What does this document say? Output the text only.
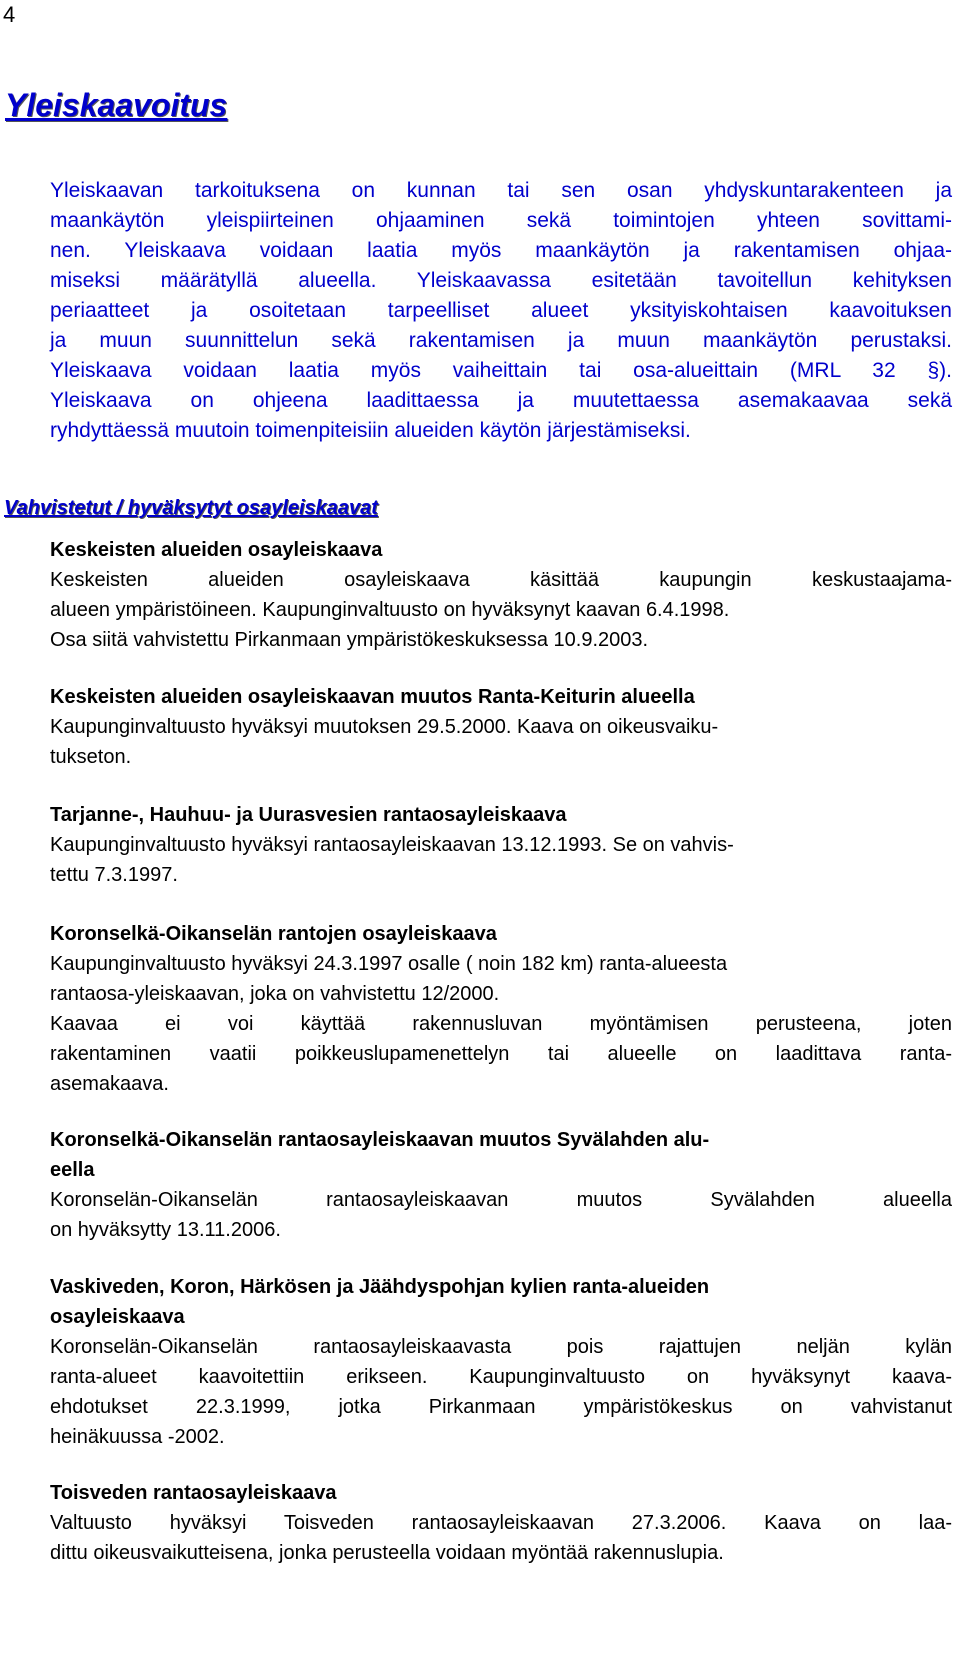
4
Yleiskaavoitus
Yleiskaavan tarkoituksena on kunnan tai sen osan yhdyskuntarakenteen ja
maankäytön yleispiirteinen ohjaaminen sekä toimintojen yhteen sovittami-
nen. Yleiskaava voidaan laatia myös maankäytön ja rakentamisen ohjaa-
miseksi määrätyllä alueella. Yleiskaavassa esitetään tavoitellun kehityksen
periaatteet ja osoitetaan tarpeelliset alueet yksityiskohtaisen kaavoituksen
ja muun suunnittelun sekä rakentamisen ja muun maankäytön perustaksi.
Yleiskaava voidaan laatia myös vaiheittain tai osa-alueittain (MRL 32 §).
Yleiskaava on ohjeena laadittaessa ja muutettaessa asemakaavaa sekä
ryhdyttäessä muutoin toimenpiteisiin alueiden käytön järjestämiseksi.
Vahvistetut / hyväksytyt osayleiskaavat
Keskeisten alueiden osayleiskaava
Keskeisten alueiden osayleiskaava käsittää kaupungin keskustaajama-
alueen ympäristöineen. Kaupunginvaltuusto on hyväksynyt kaavan 6.4.1998.
Osa siitä vahvistettu Pirkanmaan ympäristökeskuksessa 10.9.2003.
Keskeisten alueiden osayleiskaavan muutos Ranta-Keiturin alueella
Kaupunginvaltuusto hyväksyi muutoksen 29.5.2000. Kaava on oikeusvaiku-
tukseton.
Tarjanne-, Hauhuu- ja Uurasvesien rantaosayleiskaava
Kaupunginvaltuusto hyväksyi rantaosayleiskaavan 13.12.1993. Se on vahvis-
tettu 7.3.1997.
Koronselkä-Oikanselän rantojen osayleiskaava
Kaupunginvaltuusto hyväksyi 24.3.1997 osalle ( noin 182 km) ranta-alueesta
rantaosa-yleiskaavan, joka on vahvistettu 12/2000.
Kaavaa ei voi käyttää rakennusluvan myöntämisen perusteena, joten
rakentaminen vaatii poikkeuslupamenettelyn tai alueelle on laadittava ranta-
asemakaava.
Koronselkä-Oikanselän rantaosayleiskaavan muutos Syvälahden alu-
eella
Koronselän-Oikanselän rantaosayleiskaavan muutos Syvälahden alueella
on hyväksytty 13.11.2006.
Vaskiveden, Koron, Härkösen ja Jäähdyspohjan kylien ranta-alueiden
osayleiskaava
Koronselän-Oikanselän rantaosayleiskaavasta pois rajattujen neljän kylän
ranta-alueet kaavoitettiin erikseen. Kaupunginvaltuusto on hyväksynyt kaava-
ehdotukset 22.3.1999, jotka Pirkanmaan ympäristökeskus on vahvistanut
heinäkuussa -2002.
Toisveden rantaosayleiskaava
Valtuusto hyväksyi Toisveden rantaosayleiskaavan 27.3.2006. Kaava on laa-
dittu oikeusvaikutteisena, jonka perusteella voidaan myöntää rakennuslupia.
